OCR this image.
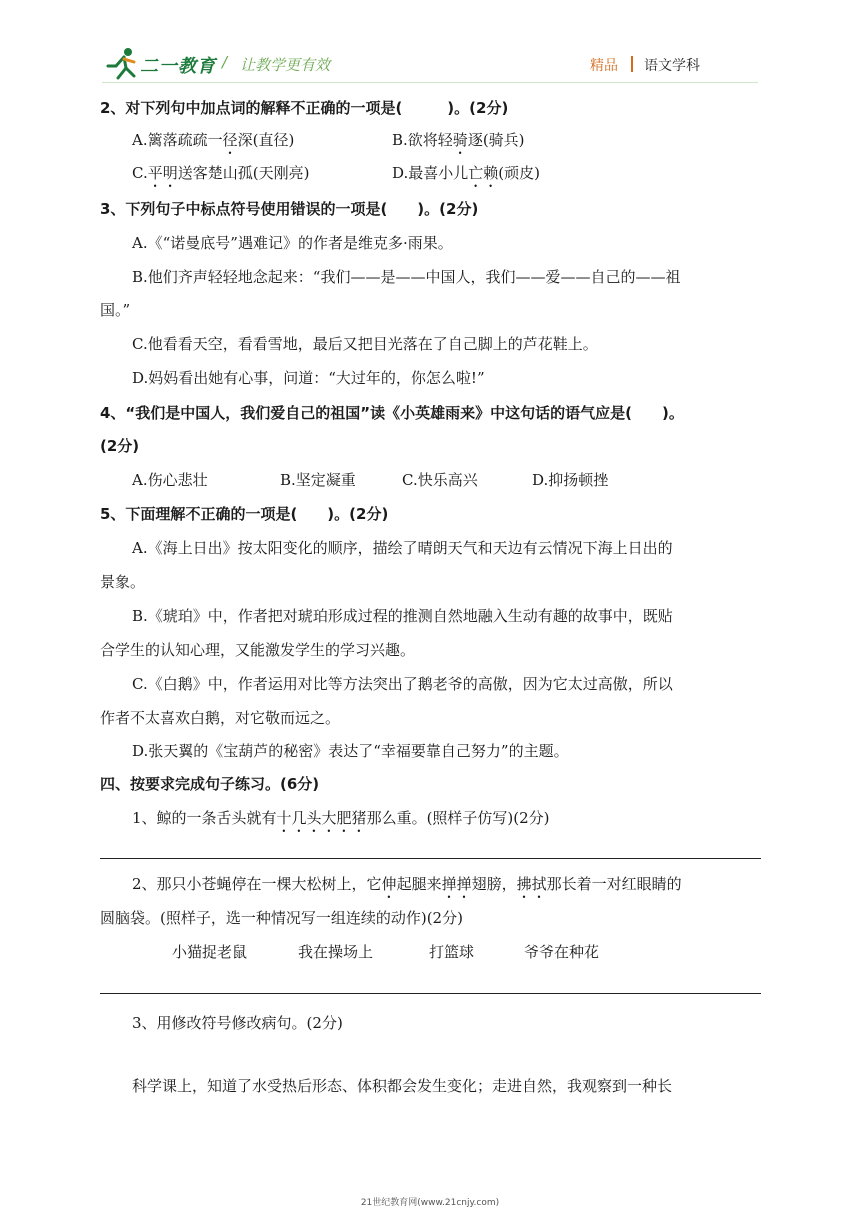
二一教育 / 让教学更有效	精品 语文学科
2、对下列句中加点词的解释不正确的一项是(　　　)。(2分)
A.篱落疏疏一径深(直径)	B.欲将轻骑逐(骑兵)
C.平明送客楚山孤(天刚亮)	D.最喜小儿亡赖(顽皮)
3、下列句子中标点符号使用错误的一项是(　　)。(2分)
A.《“诺曼底号”遇难记》的作者是维克多·雨果。
B.他们齐声轻轻地念起来：“我们——是——中国人，我们——爱——自己的——祖
国。”
C.他看看天空，看看雪地，最后又把目光落在了自己脚上的芦花鞋上。
D.妈妈看出她有心事，问道：“大过年的，你怎么啦!”
4、“我们是中国人，我们爱自己的祖国”读《小英雄雨来》中这句话的语气应是(　　)。
(2分)
A.伤心悲壮	B.坚定凝重	C.快乐高兴	D.抑扬顿挫
5、下面理解不正确的一项是(　　)。(2分)
A.《海上日出》按太阳变化的顺序，描绘了晴朗天气和天边有云情况下海上日出的
景象。
B.《琥珀》中，作者把对琥珀形成过程的推测自然地融入生动有趣的故事中，既贴
合学生的认知心理，又能激发学生的学习兴趣。
C.《白鹅》中，作者运用对比等方法突出了鹅老爷的高傲，因为它太过高傲，所以
作者不太喜欢白鹅，对它敬而远之。
D.张天翼的《宝葫芦的秘密》表达了“幸福要靠自己努力”的主题。
四、按要求完成句子练习。(6分)
1、鲸的一条舌头就有十几头大肥猪那么重。(照样子仿写)(2分)
2、那只小苍蝇停在一棵大松树上，它伸起腿来掸掸翅膀，拂拭那长着一对红眼睛的
圆脑袋。(照样子，选一种情况写一组连续的动作)(2分)
小猫捉老鼠	我在操场上	打篮球	爷爷在种花
3、用修改符号修改病句。(2分)
科学课上，知道了水受热后形态、体积都会发生变化；走进自然，我观察到一种长
21世纪教育网(www.21cnjy.com)
